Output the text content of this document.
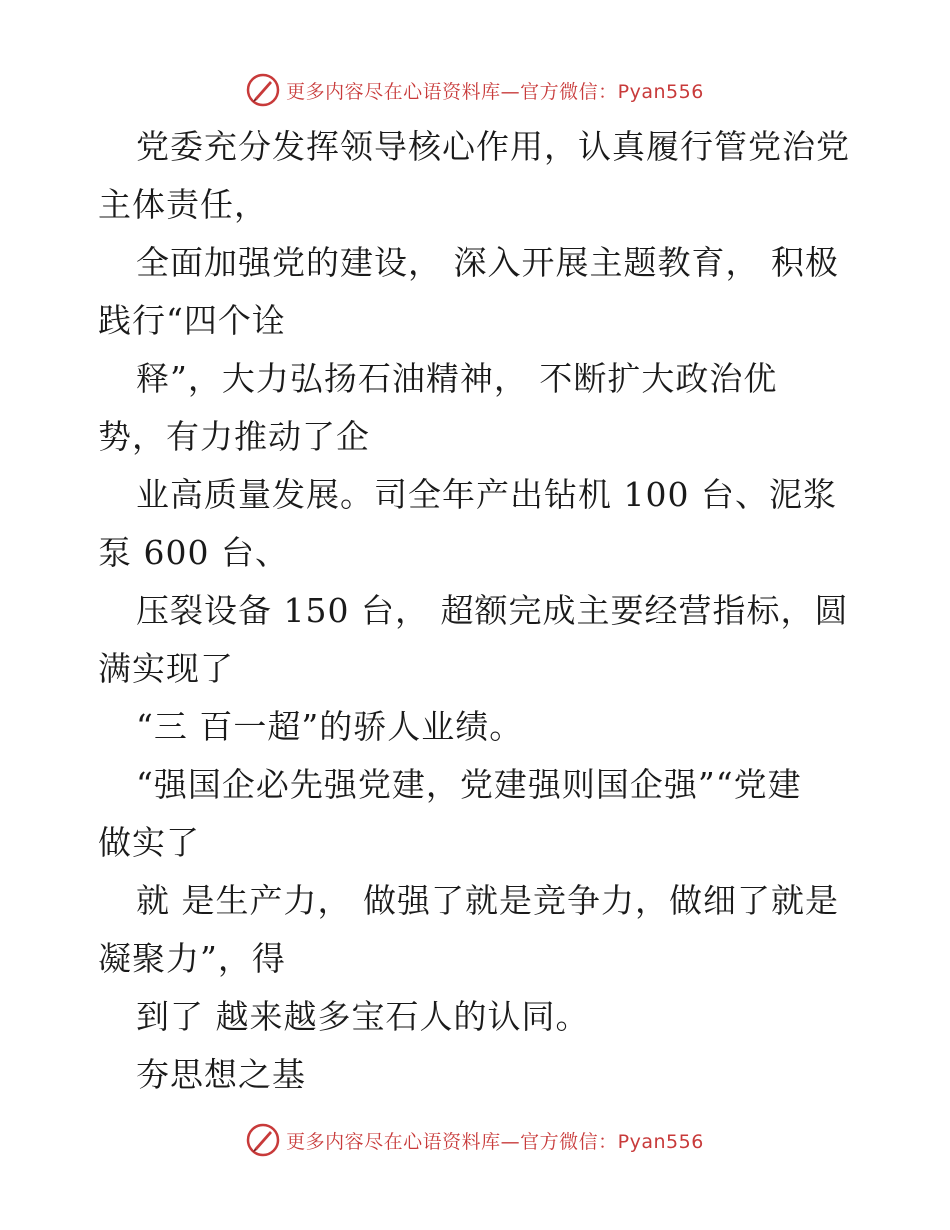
更多内容尽在心语资料库—官方微信：Pyan556
党委充分发挥领导核心作用，认真履行管党治党
主体责任，
全面加强党的建设， 深入开展主题教育， 积极
践行“四个诠
释”，大力弘扬石油精神， 不断扩大政治优
势，有力推动了企
业高质量发展。司全年产出钻机 100 台、泥浆
泵 600 台、
压裂设备 150 台， 超额完成主要经营指标，圆
满实现了
“三 百一超”的骄人业绩。
“强国企必先强党建，党建强则国企强”“党建
做实了
就 是生产力， 做强了就是竞争力，做细了就是
凝聚力”，得
到了 越来越多宝石人的认同。
夯思想之基
更多内容尽在心语资料库—官方微信：Pyan556
